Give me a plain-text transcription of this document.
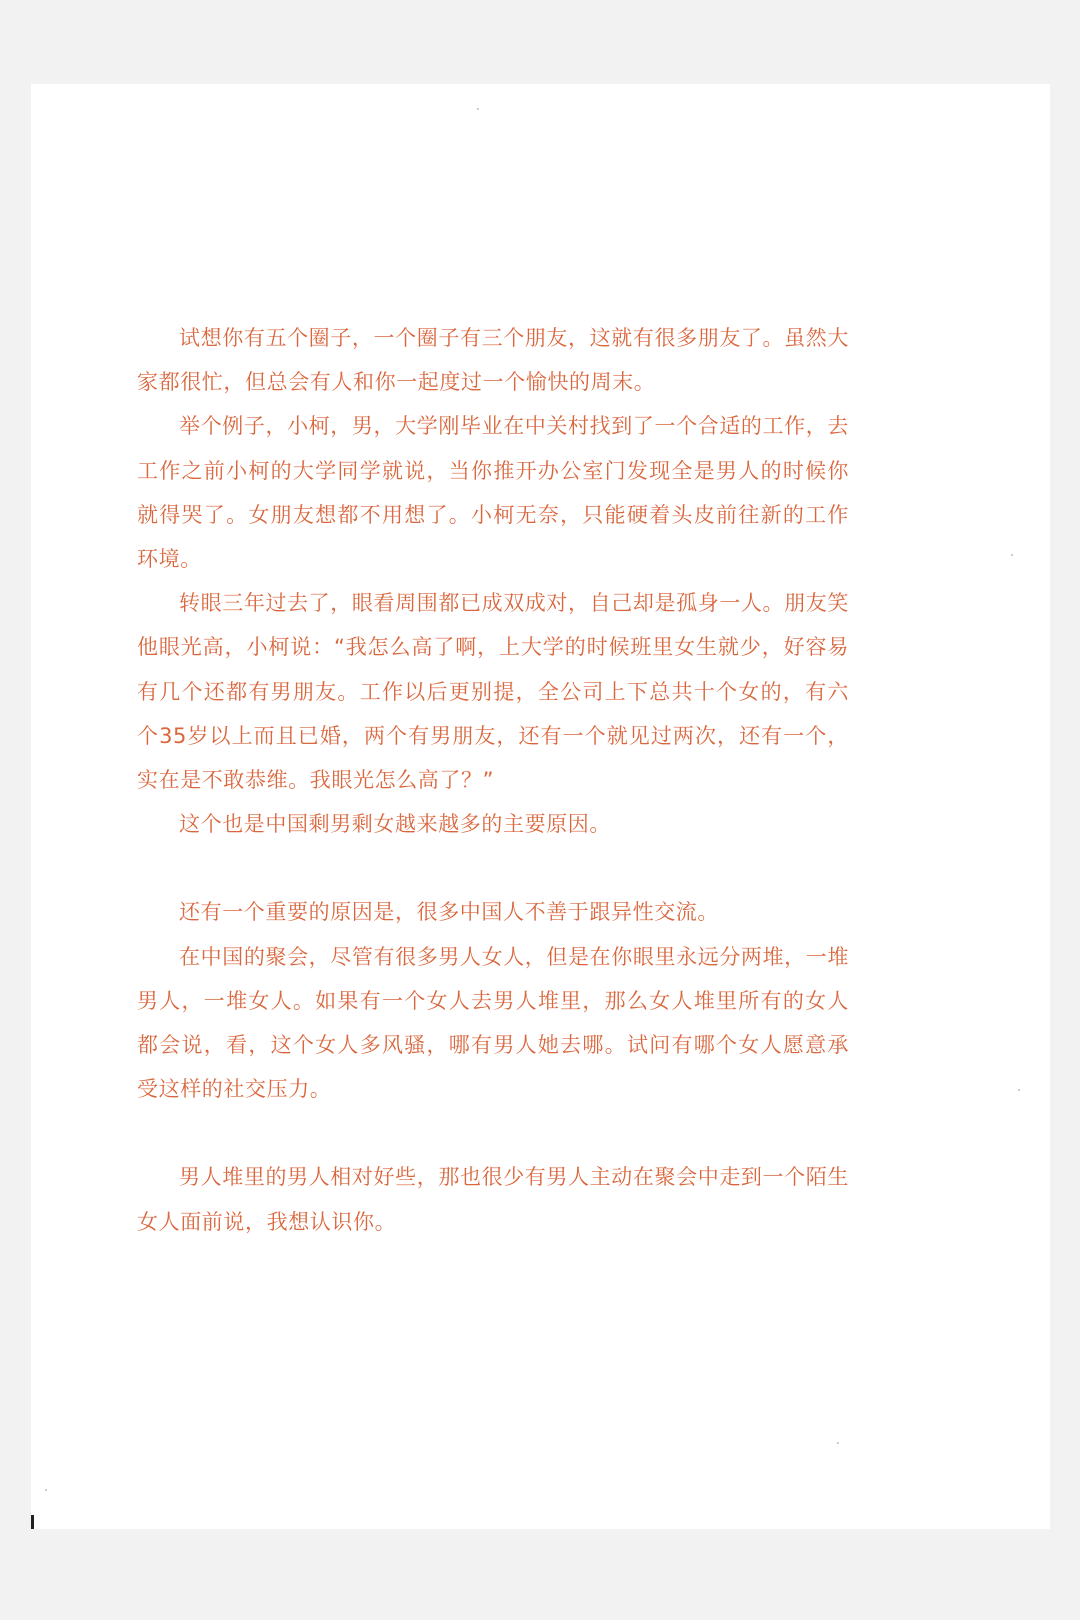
试想你有五个圈子，一个圈子有三个朋友，这就有很多朋友了。虽然大家都很忙，但总会有人和你一起度过一个愉快的周末。

举个例子，小柯，男，大学刚毕业在中关村找到了一个合适的工作，去工作之前小柯的大学同学就说，当你推开办公室门发现全是男人的时候你就得哭了。女朋友想都不用想了。小柯无奈，只能硬着头皮前往新的工作环境。

转眼三年过去了，眼看周围都已成双成对，自己却是孤身一人。朋友笑他眼光高，小柯说：“我怎么高了啊，上大学的时候班里女生就少，好容易有几个还都有男朋友。工作以后更别提，全公司上下总共十个女的，有六个35岁以上而且已婚，两个有男朋友，还有一个就见过两次，还有一个，实在是不敢恭维。我眼光怎么高了？”

这个也是中国剩男剩女越来越多的主要原因。

还有一个重要的原因是，很多中国人不善于跟异性交流。

在中国的聚会，尽管有很多男人女人，但是在你眼里永远分两堆，一堆男人，一堆女人。如果有一个女人去男人堆里，那么女人堆里所有的女人都会说，看，这个女人多风骚，哪有男人她去哪。试问有哪个女人愿意承受这样的社交压力。

男人堆里的男人相对好些，那也很少有男人主动在聚会中走到一个陌生女人面前说，我想认识你。
